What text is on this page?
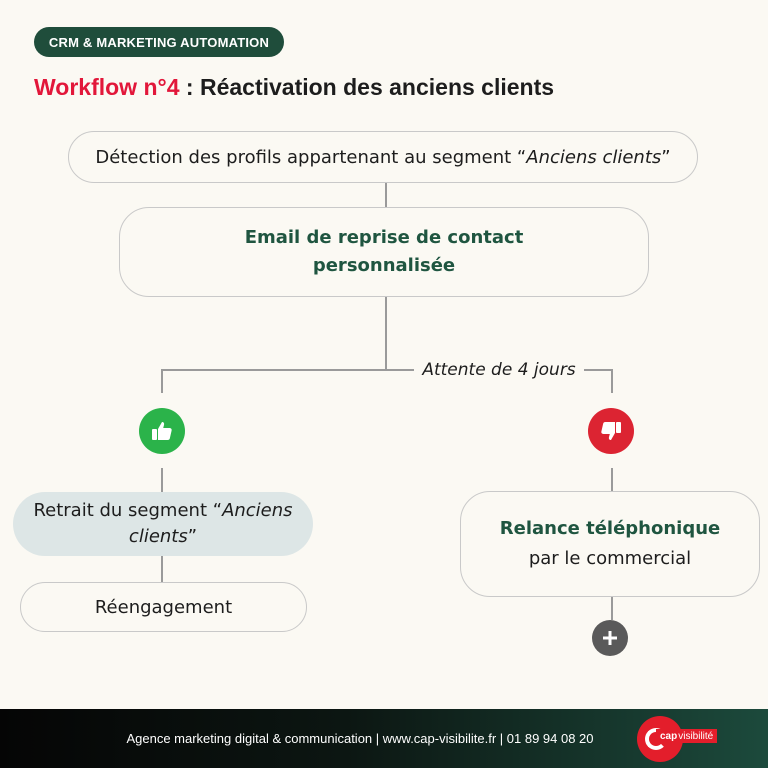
CRM & MARKETING AUTOMATION
Workflow n°4 : Réactivation des anciens clients
Attente de 4 jours
Détection des profils appartenant au segment “Anciens clients”
Email de reprise de contact
personnalisée
Retrait du segment “Anciens
clients”
Réengagement
Relance téléphonique
par le commercial
Agence marketing digital & communication | www.cap-visibilite.fr | 01 89 94 08 20	cap visibilité
